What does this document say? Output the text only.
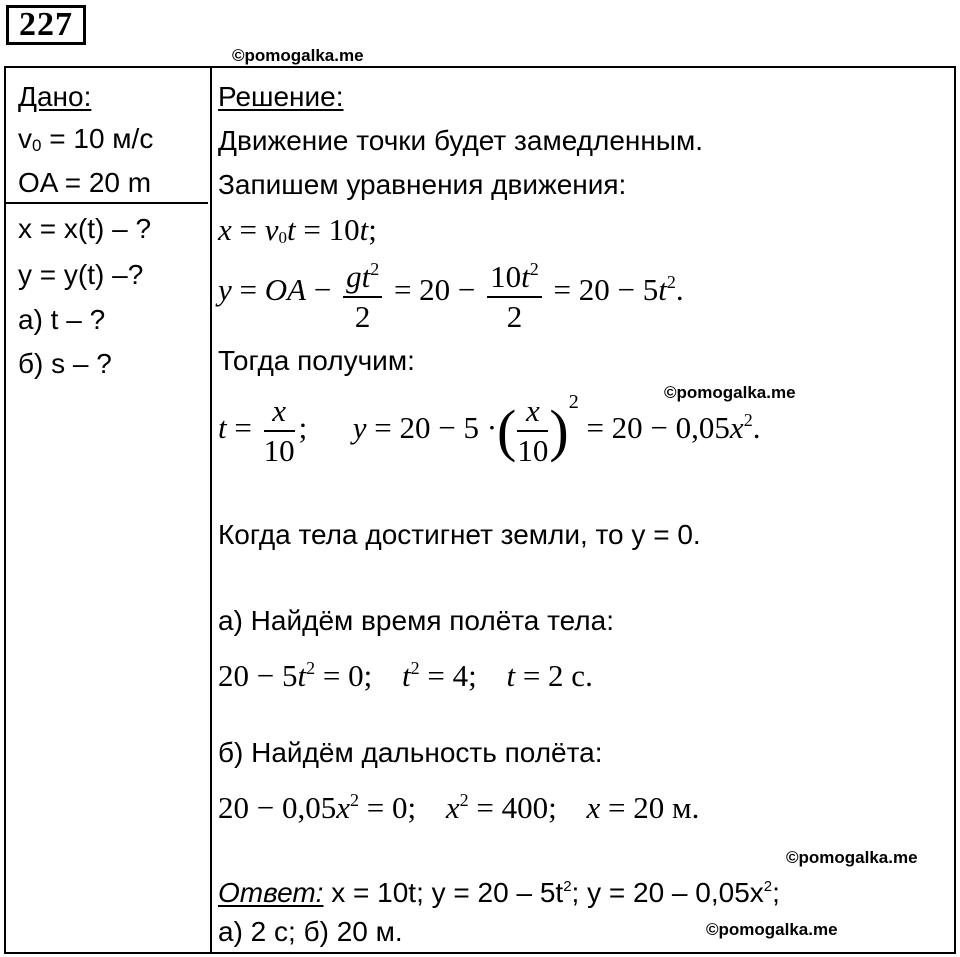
227
©pomogalka.me
Дано:
$v_0 = 10$ м/с
OA = 20 m
x = x(t) – ?
y = y(t) –?
а) t – ?
б) s – ?
Решение:
Движение точки будет замедленным.
Запишем уравнения движения:
$x = v_0t = 10t$;
y = OA − $\frac{gt^2}{2} = 20 - \frac{10t^2}{2} = 20 - 5t^2$.
Тогда получим:
$t = \frac{x}{10}$ ;  y = 20 − 5 ·( $\frac{x}{10} )^2 = 20 - 0,05x^2$.
Когда тела достигнет земли, то y = 0.
а) Найдём время полёта тела:
$20 - 5t^2 = 0$; $t^2 = 4$; t = 2 с.
б) Найдём дальность полёта:
$20 - 0,05x^2 = 0$; $x^2 = 400$; x = 20 м.
Ответ: x = 10t; $y = 20 - 5t^2$; $y = 20 - 0,05x^2$;
а) 2 с; б) 20 м.
©pomogalka.me
©pomogalka.me
©pomogalka.me
